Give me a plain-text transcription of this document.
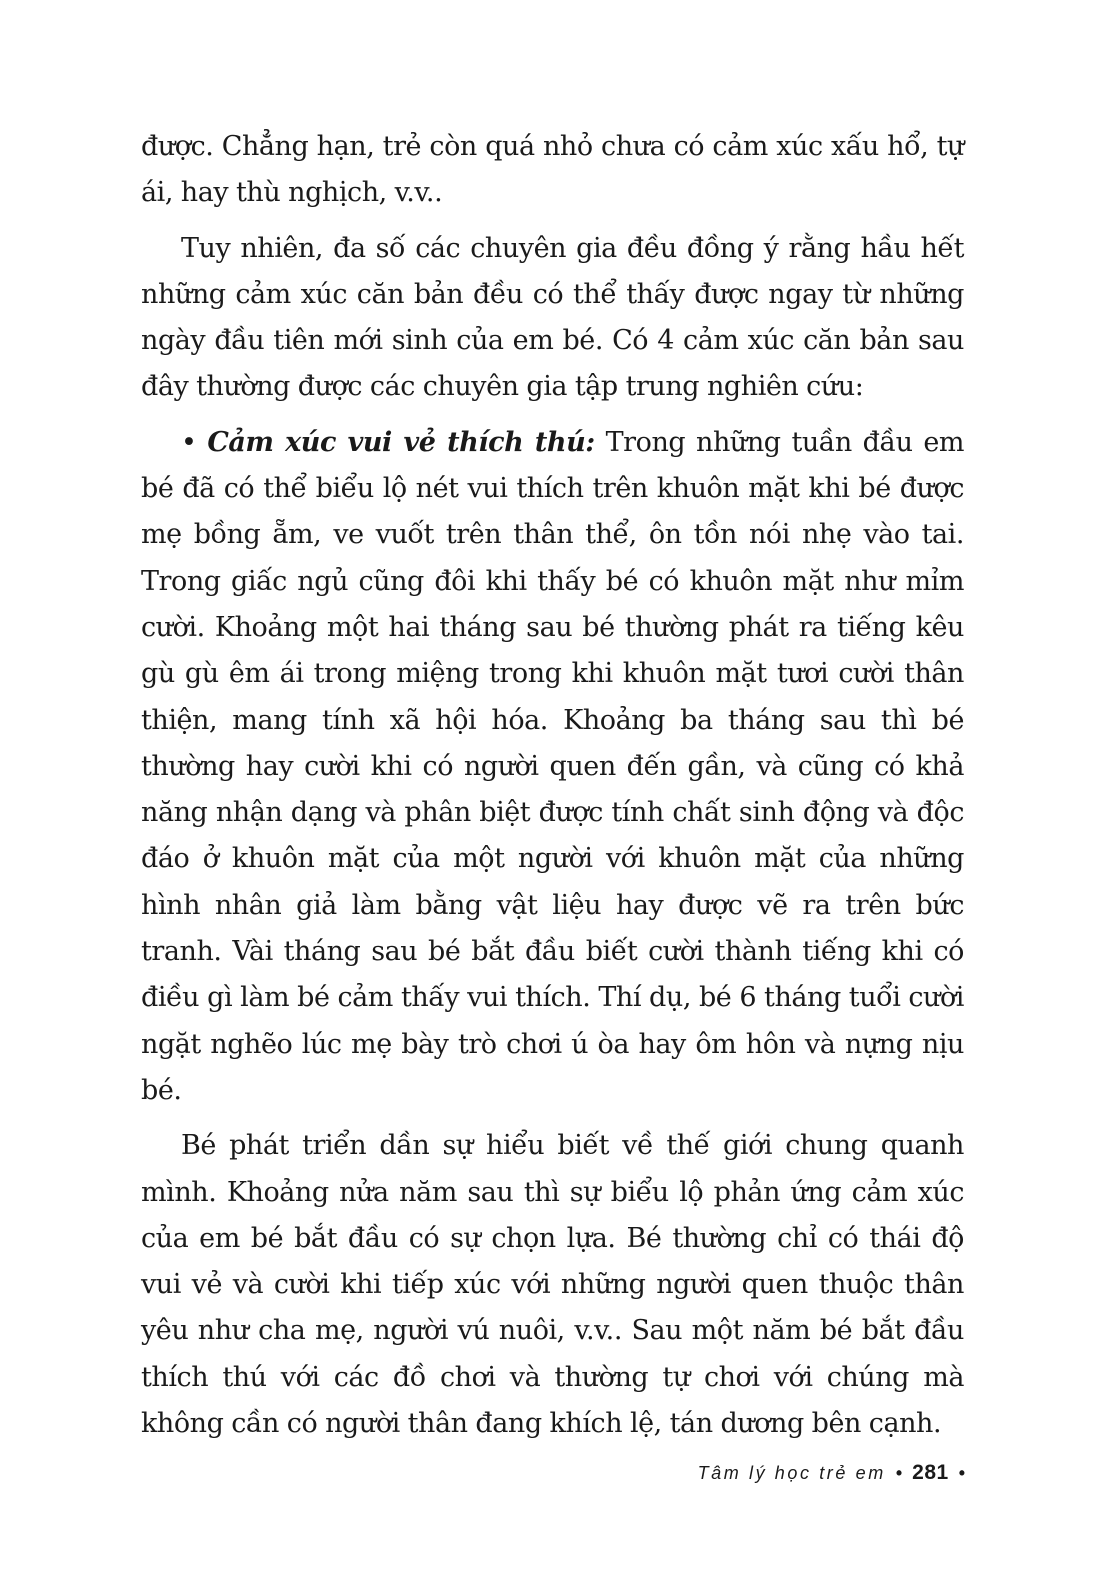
được. Chẳng hạn, trẻ còn quá nhỏ chưa có cảm xúc xấu hổ, tự ái, hay thù nghịch, v.v..

Tuy nhiên, đa số các chuyên gia đều đồng ý rằng hầu hết những cảm xúc căn bản đều có thể thấy được ngay từ những ngày đầu tiên mới sinh của em bé. Có 4 cảm xúc căn bản sau đây thường được các chuyên gia tập trung nghiên cứu:

• Cảm xúc vui vẻ thích thú: Trong những tuần đầu em bé đã có thể biểu lộ nét vui thích trên khuôn mặt khi bé được mẹ bồng ẵm, ve vuốt trên thân thể, ôn tồn nói nhẹ vào tai. Trong giấc ngủ cũng đôi khi thấy bé có khuôn mặt như mỉm cười. Khoảng một hai tháng sau bé thường phát ra tiếng kêu gù gù êm ái trong miệng trong khi khuôn mặt tươi cười thân thiện, mang tính xã hội hóa. Khoảng ba tháng sau thì bé thường hay cười khi có người quen đến gần, và cũng có khả năng nhận dạng và phân biệt được tính chất sinh động và độc đáo ở khuôn mặt của một người với khuôn mặt của những hình nhân giả làm bằng vật liệu hay được vẽ ra trên bức tranh. Vài tháng sau bé bắt đầu biết cười thành tiếng khi có điều gì làm bé cảm thấy vui thích. Thí dụ, bé 6 tháng tuổi cười ngặt nghẽo lúc mẹ bày trò chơi ú òa hay ôm hôn và nựng nịu bé.

Bé phát triển dần sự hiểu biết về thế giới chung quanh mình. Khoảng nửa năm sau thì sự biểu lộ phản ứng cảm xúc của em bé bắt đầu có sự chọn lựa. Bé thường chỉ có thái độ vui vẻ và cười khi tiếp xúc với những người quen thuộc thân yêu như cha mẹ, người vú nuôi, v.v.. Sau một năm bé bắt đầu thích thú với các đồ chơi và thường tự chơi với chúng mà không cần có người thân đang khích lệ, tán dương bên cạnh.

Tâm lý học trẻ em • 281 •
